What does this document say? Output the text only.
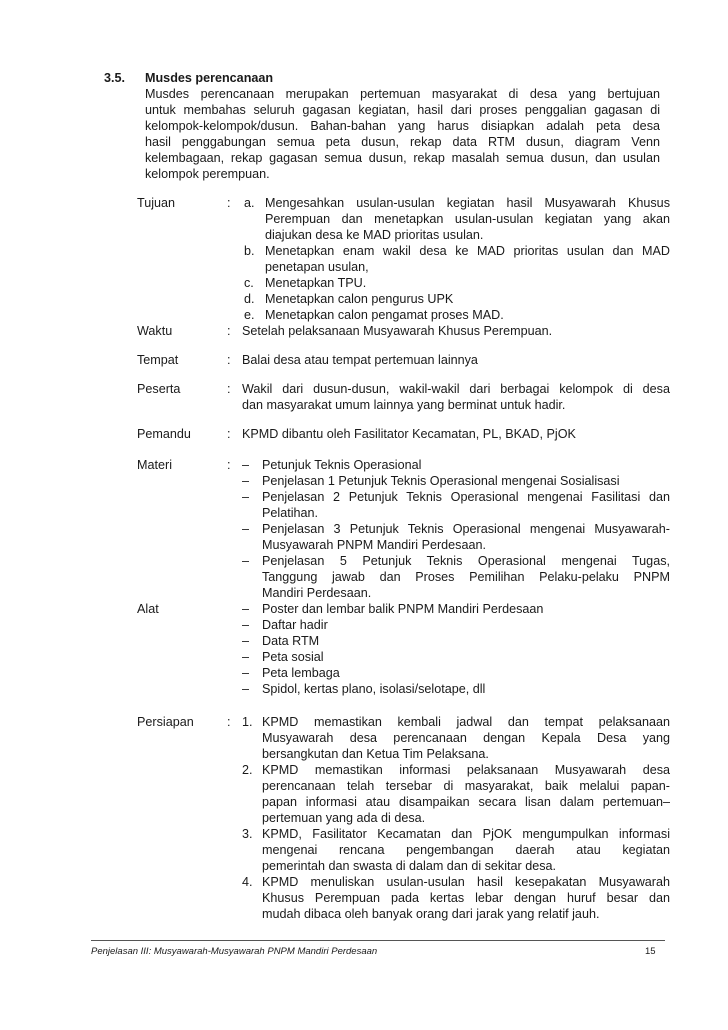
3.5. Musdes perencanaan
Musdes perencanaan merupakan pertemuan masyarakat di desa yang bertujuan
untuk membahas seluruh gagasan kegiatan, hasil dari proses penggalian gagasan di
kelompok-kelompok/dusun. Bahan-bahan yang harus disiapkan adalah peta desa
hasil penggabungan semua peta dusun, rekap data RTM dusun, diagram Venn
kelembagaan, rekap gagasan semua dusun, rekap masalah semua dusun, dan usulan
kelompok perempuan.
Tujuan	: a. Mengesahkan usulan-usulan kegiatan hasil Musyawarah Khusus
Perempuan dan menetapkan usulan-usulan kegiatan yang akan
diajukan desa ke MAD prioritas usulan.
b. Menetapkan enam wakil desa ke MAD prioritas usulan dan MAD
penetapan usulan,
c. Menetapkan TPU.
d. Menetapkan calon pengurus UPK
e. Menetapkan calon pengamat proses MAD.
Waktu	: Setelah pelaksanaan Musyawarah Khusus Perempuan.
Tempat	: Balai desa atau tempat pertemuan lainnya
Peserta	: Wakil dari dusun-dusun, wakil-wakil dari berbagai kelompok di desa
dan masyarakat umum lainnya yang berminat untuk hadir.
Pemandu	: KPMD dibantu oleh Fasilitator Kecamatan, PL, BKAD, PjOK
Materi	: – Petunjuk Teknis Operasional
– Penjelasan 1 Petunjuk Teknis Operasional mengenai Sosialisasi
– Penjelasan 2 Petunjuk Teknis Operasional mengenai Fasilitasi dan
Pelatihan.
– Penjelasan 3 Petunjuk Teknis Operasional mengenai Musyawarah-
Musyawarah PNPM Mandiri Perdesaan.
– Penjelasan 5 Petunjuk Teknis Operasional mengenai Tugas,
Tanggung jawab dan Proses Pemilihan Pelaku-pelaku PNPM
Mandiri Perdesaan.
Alat	– Poster dan lembar balik PNPM Mandiri Perdesaan
– Daftar hadir
– Data RTM
– Peta sosial
– Peta lembaga
– Spidol, kertas plano, isolasi/selotape, dll
Persiapan	: 1. KPMD memastikan kembali jadwal dan tempat pelaksanaan
Musyawarah desa perencanaan dengan Kepala Desa yang
bersangkutan dan Ketua Tim Pelaksana.
2. KPMD memastikan informasi pelaksanaan Musyawarah desa
perencanaan telah tersebar di masyarakat, baik melalui papan-
papan informasi atau disampaikan secara lisan dalam pertemuan–
pertemuan yang ada di desa.
3. KPMD, Fasilitator Kecamatan dan PjOK mengumpulkan informasi
mengenai rencana pengembangan daerah atau kegiatan
pemerintah dan swasta di dalam dan di sekitar desa.
4. KPMD menuliskan usulan-usulan hasil kesepakatan Musyawarah
Khusus Perempuan pada kertas lebar dengan huruf besar dan
mudah dibaca oleh banyak orang dari jarak yang relatif jauh.
Penjelasan III: Musyawarah-Musyawarah PNPM Mandiri Perdesaan	15
